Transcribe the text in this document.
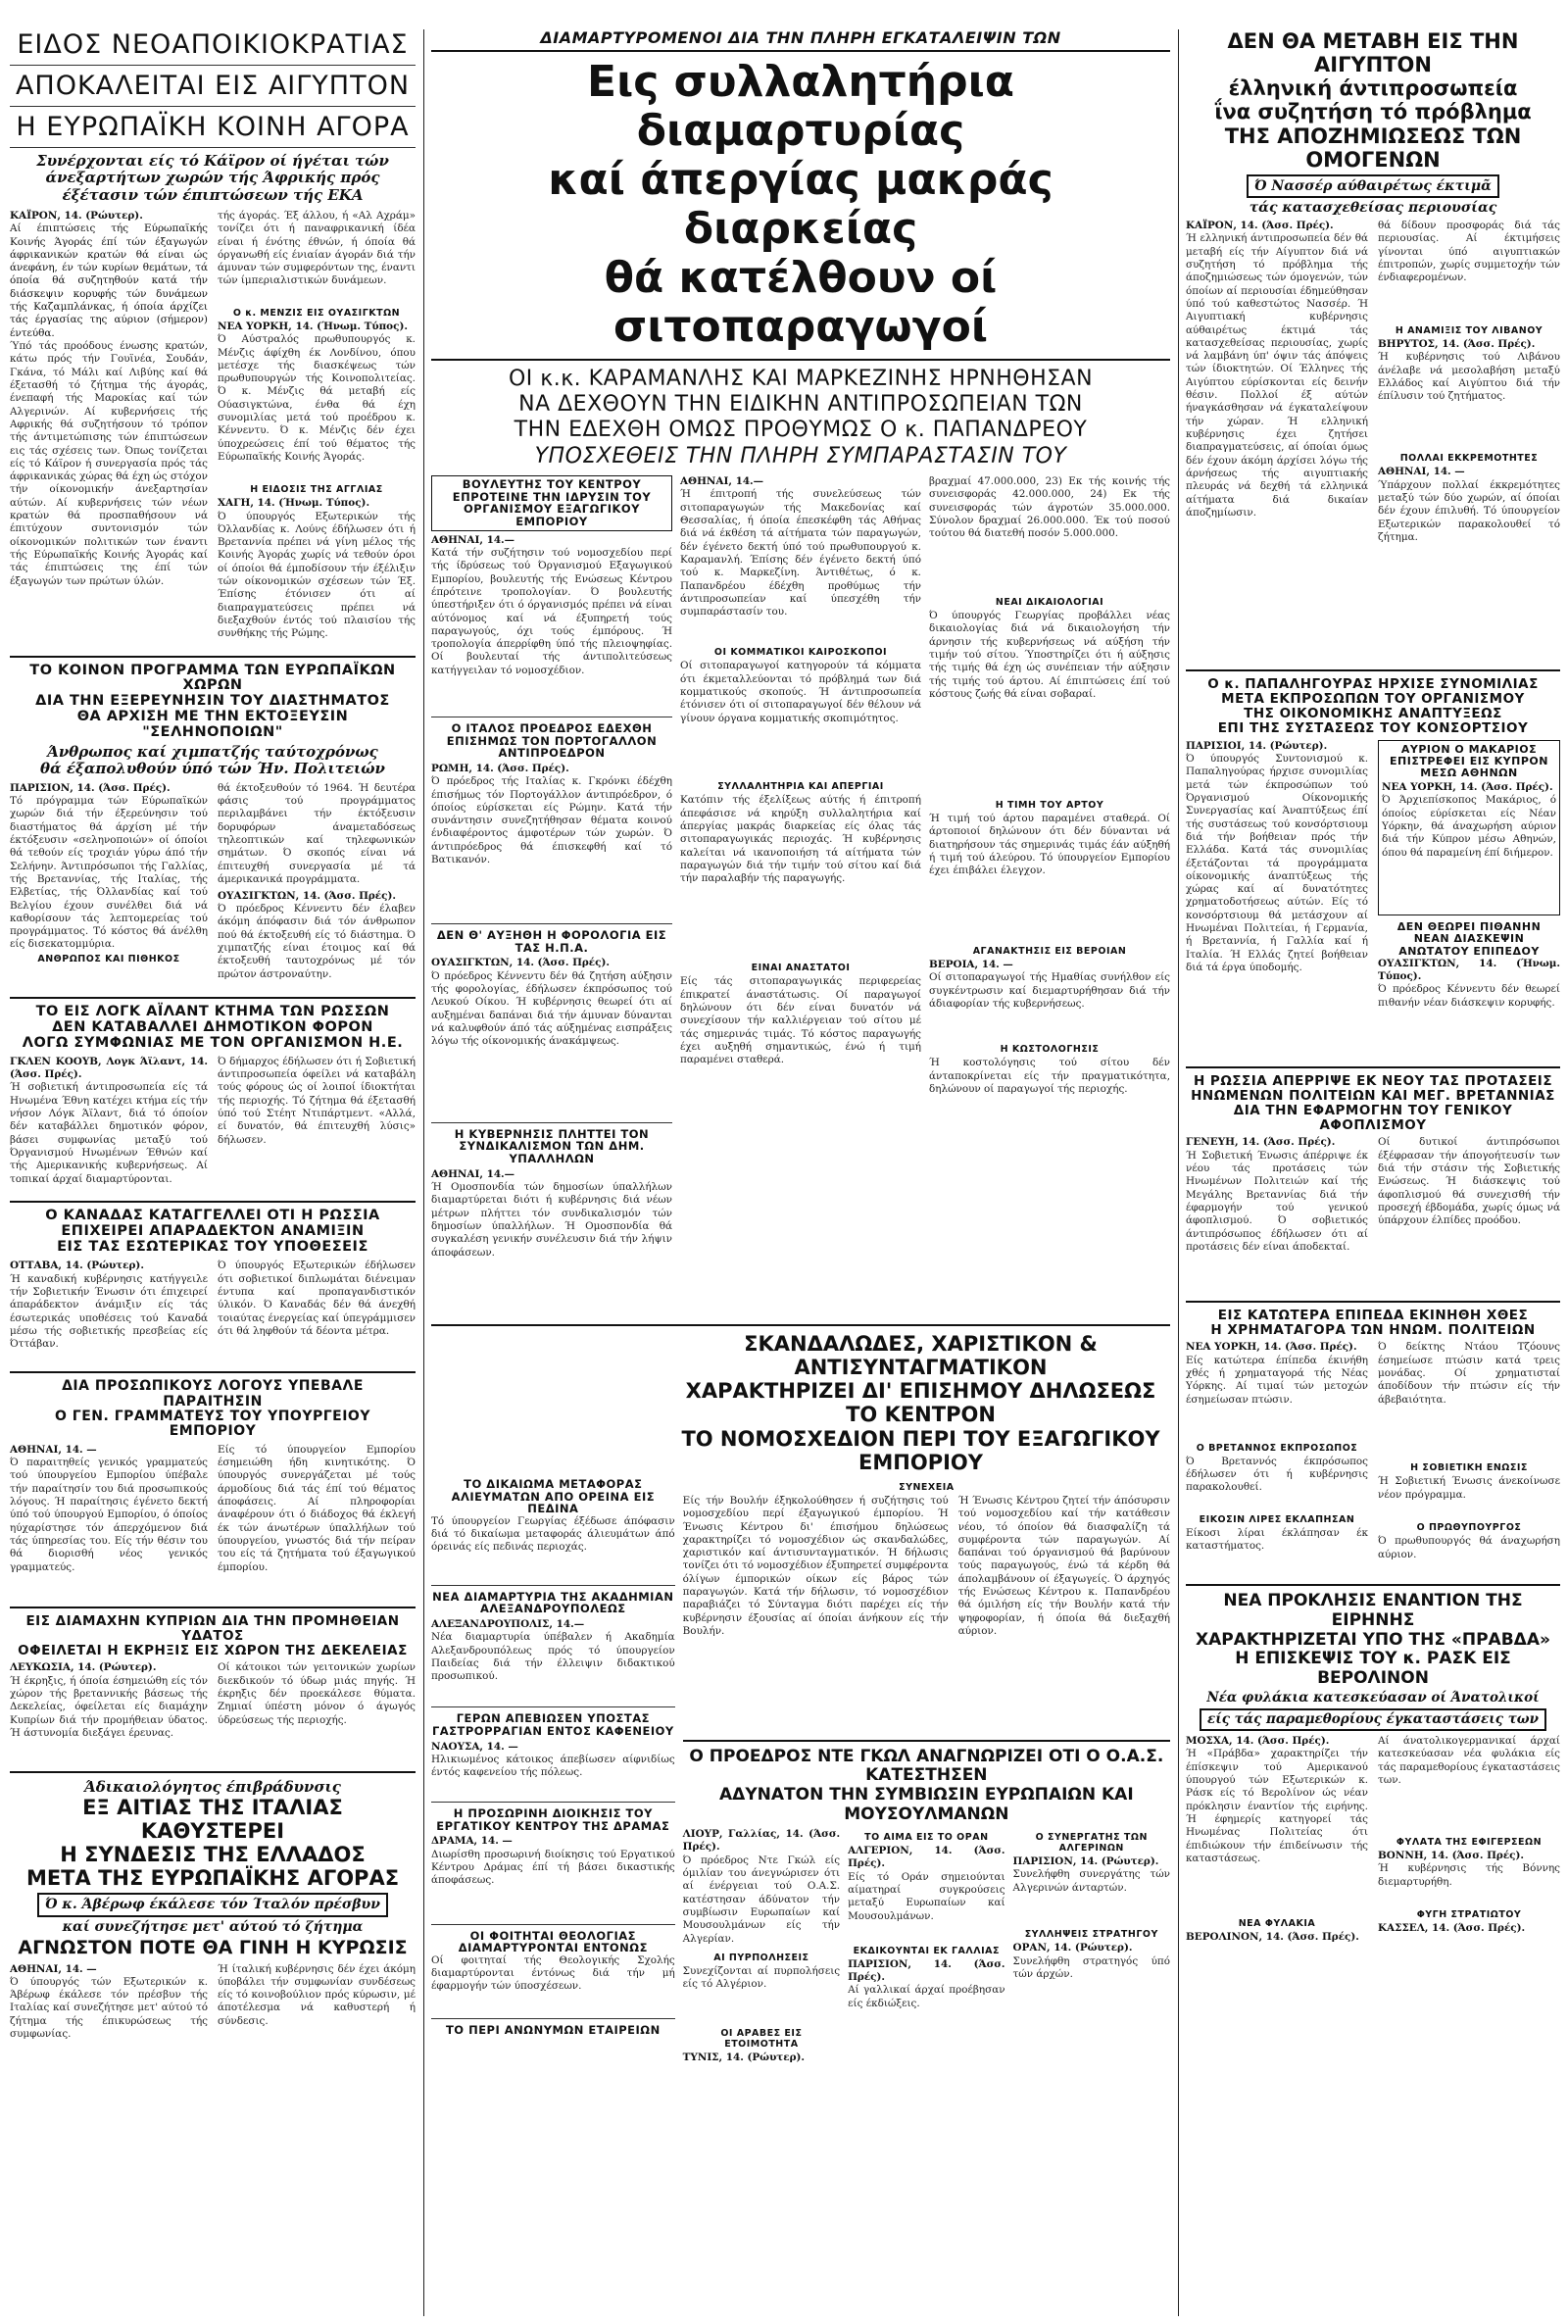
ΕΙΔΟΣ ΝΕΟΑΠΟΙΚΙΟΚΡΑΤΙΑΣ
ΑΠΟΚΑΛΕΙΤΑΙ ΕΙΣ ΑΙΓΥΠΤΟΝ
Η ΕΥΡΩΠΑΪΚΗ ΚΟΙΝΗ ΑΓΟΡΑ
Συνέρχονται είς τό Κάϊρον οί ήγέται τών άνεξαρτήτων χωρών τής Άφρικής πρός έξέτασιν τών έπιπτώσεων τής ΕΚΑ

ΚΑΪΡΟΝ, 14. (Ρώυτερ).

Αί έπιπτώσεις τής Εύρωπαϊκής Κοινής Άγοράς έπί τών έξαγωγών άφρικανικών κρατών θά είναι ώς άνεφάνη, έν τών κυρίων θεμάτων, τά όποία θά συζητηθούν κατά τήν διάσκεψιν κορυφής τών δυνάμεων τής Καζαμπλάνκας, ή όποία άρχίζει τάς έργασίας της αύριον (σήμερον) έντεύθα.

Ύπό τάς προόδους ένωσης κρατών, κάτω πρός τήν Γουϊνέα, Σουδάν, Γκάνα, τό Μάλι καί Λιβύης καί θά έξετασθή τό ζήτημα τής άγοράς, ένεπαφή τής Μαροκίας καί τών Αλγερινών. Αί κυβερνήσεις τής Αφρικής θά συζητήσουν τό τρόπον τής άντιμετώπισης τών έπιπτώσεων εις τάς σχέσεις των. Όπως τονίζεται είς τό Κάϊρον ή συνεργασία πρός τάς άφρικανικάς χώρας θά έχη ώς στόχον τήν οίκονομικήν άνεξαρτησίαν αύτών. Αί κυβερνήσεις τών νέων κρατών θά προσπαθήσουν νά έπιτύχουν συντονισμόν τών οίκονομικών πολιτικών των έναντι τής Εύρωπαϊκής Κοινής Άγοράς καί τάς έπιπτώσεις της έπί τών έξαγωγών των πρώτων ύλών.

τής άγοράς. Έξ άλλου, ή «Αλ Αχράμ» τονίζει ότι ή παναφρικανική ίδέα είναι ή ένότης έθνών, ή όποία θά όργανωθή είς ένιαίαν άγοράν διά τήν άμυναν τών συμφερόντων της, έναντι τών ίμπεριαλιστικών δυνάμεων.

Ο κ. ΜΕΝΖΙΣ ΕΙΣ ΟΥΑΣΙΓΚΤΩΝ

ΝΕΑ ΥΟΡΚΗ, 14. (Ήνωμ. Τύπος).

Ό Αύστραλός πρωθυπουργός κ. Μένζις άφίχθη έκ Λονδίνου, όπου μετέσχε τής διασκέψεως τών πρωθυπουργών τής Κοινοπολιτείας. Ό κ. Μένζις θά μεταβή είς Ούασιγκτώνα, ένθα θά έχη συνομιλίας μετά τού προέδρου κ. Κέννεντυ. Ό κ. Μένζις δέν έχει ύποχρεώσεις έπί τού θέματος τής Εύρωπαϊκής Κοινής Άγοράς.

Η ΕΙΔΟΣΙΣ ΤΗΣ ΑΓΓΛΙΑΣ

ΧΑΓΗ, 14. (Ήνωμ. Τύπος).

Ό ύπουργός Εξωτερικών τής Όλλανδίας κ. Λούνς έδήλωσεν ότι ή Βρεταννία πρέπει νά γίνη μέλος τής Κοινής Άγοράς χωρίς νά τεθούν όροι οί όποίοι θά έμποδίσουν τήν έξέλιξιν τών οίκονομικών σχέσεων τών Έξ. Έπίσης έτόνισεν ότι αί διαπραγματεύσεις πρέπει νά διεξαχθούν έντός τού πλαισίου τής συνθήκης τής Ρώμης.

ΤΟ ΚΟΙΝΟΝ ΠΡΟΓΡΑΜΜΑ ΤΩΝ ΕΥΡΩΠΑΪΚΩΝ ΧΩΡΩΝ
ΔΙΑ ΤΗΝ ΕΞΕΡΕΥΝΗΣΙΝ ΤΟΥ ΔΙΑΣΤΗΜΑΤΟΣ
ΘΑ ΑΡΧΙΣΗ ΜΕ ΤΗΝ ΕΚΤΟΞΕΥΣΙΝ "ΣΕΛΗΝΟΠΟΙΩΝ"
Άνθρωπος καί χιμπατζής ταύτοχρόνως
θά έξαπολυθούν ύπό τών Ήν. Πολιτειών

ΠΑΡΙΣΙΟΝ, 14. (Άσσ. Πρές).

Τό πρόγραμμα τών Εύρωπαϊκών χωρών διά τήν έξερεύνησιν τού διαστήματος θά άρχίση μέ τήν έκτόξευσιν «σεληνοποιών» οί όποίοι θά τεθούν είς τροχιάν γύρω άπό τήν Σελήνην. Άντιπρόσωποι τής Γαλλίας, τής Βρεταννίας, τής Ιταλίας, τής Ελβετίας, τής Όλλανδίας καί τού Βελγίου έχουν συνέλθει διά νά καθορίσουν τάς λεπτομερείας τού προγράμματος. Τό κόστος θά άνέλθη είς δισεκατομμύρια.

ΑΝΘΡΩΠΟΣ ΚΑΙ ΠΙΘΗΚΟΣ

θά έκτοξευθούν τό 1964. Ή δευτέρα φάσις τού προγράμματος περιλαμβάνει τήν έκτόξευσιν δορυφόρων άναμεταδόσεως τηλεοπτικών καί τηλεφωνικών σημάτων. Ό σκοπός είναι νά έπιτευχθή συνεργασία μέ τά άμερικανικά προγράμματα.

ΟΥΑΣΙΓΚΤΩΝ, 14. (Άσσ. Πρές).

Ό πρόεδρος Κέννεντυ δέν έλαβεν άκόμη άπόφασιν διά τόν άνθρωπον πού θά έκτοξευθή είς τό διάστημα. Ό χιμπατζής είναι έτοιμος καί θά έκτοξευθή ταυτοχρόνως μέ τόν πρώτον άστροναύτην.

ΤΟ ΕΙΣ ΛΟΓΚ ΑΪΛΑΝΤ ΚΤΗΜΑ ΤΩΝ ΡΩΣΣΩΝ
ΔΕΝ ΚΑΤΑΒΑΛΛΕΙ ΔΗΜΟΤΙΚΟΝ ΦΟΡΟΝ
ΛΟΓΩ ΣΥΜΦΩΝΙΑΣ ΜΕ ΤΟΝ ΟΡΓΑΝΙΣΜΟΝ Η.Ε.

ΓΚΛΕΝ ΚΟΟΥΒ, Λογκ Άϊλαντ, 14. (Άσσ. Πρές).

Ή σοβιετική άντιπροσωπεία είς τά Ηνωμένα Έθνη κατέχει κτήμα είς τήν νήσον Λόγκ Άϊλαντ, διά τό όποίον δέν καταβάλλει δημοτικόν φόρον, βάσει συμφωνίας μεταξύ τού Όργανισμού Ηνωμένων Έθνών καί τής Αμερικανικής κυβερνήσεως. Αί τοπικαί άρχαί διαμαρτύρονται.

Ό δήμαρχος έδήλωσεν ότι ή Σοβιετική άντιπροσωπεία όφείλει νά καταβάλη τούς φόρους ώς οί λοιποί ίδιοκτήται τής περιοχής. Τό ζήτημα θά έξετασθή ύπό τού Στέητ Ντιπάρτμεντ. «Αλλά, εί δυνατόν, θά έπιτευχθή λύσις» δήλωσεν.

Ο ΚΑΝΑΔΑΣ ΚΑΤΑΓΓΕΛΛΕΙ ΟΤΙ Η ΡΩΣΣΙΑ
ΕΠΙΧΕΙΡΕΙ ΑΠΑΡΑΔΕΚΤΟΝ ΑΝΑΜΙΞΙΝ
ΕΙΣ ΤΑΣ ΕΣΩΤΕΡΙΚΑΣ ΤΟΥ ΥΠΟΘΕΣΕΙΣ

ΟΤΤΑΒΑ, 14. (Ρώυτερ).

Ή καναδική κυβέρνησις κατήγγειλε τήν Σοβιετικήν Ένωσιν ότι έπιχειρεί άπαράδεκτον άνάμιξιν είς τάς έσωτερικάς υποθέσεις τού Καναδά μέσω τής σοβιετικής πρεσβείας είς Όττάβαν.

Ό ύπουργός Εξωτερικών έδήλωσεν ότι σοβιετικοί διπλωμάται διένειμαν έντυπα καί προπαγανδιστικόν ύλικόν. Ό Καναδάς δέν θά άνεχθή τοιαύτας ένεργείας καί ύπεγράμμισεν ότι θά ληφθούν τά δέοντα μέτρα.

ΔΙΑ ΠΡΟΣΩΠΙΚΟΥΣ ΛΟΓΟΥΣ ΥΠΕΒΑΛΕ ΠΑΡΑΙΤΗΣΙΝ
Ο ΓΕΝ. ΓΡΑΜΜΑΤΕΥΣ ΤΟΥ ΥΠΟΥΡΓΕΙΟΥ ΕΜΠΟΡΙΟΥ

ΑΘΗΝΑΙ, 14. —

Ό παραιτηθείς γενικός γραμματεύς τού ύπουργείου Εμπορίου ύπέβαλε τήν παραίτησίν του διά προσωπικούς λόγους. Ή παραίτησις έγένετο δεκτή ύπό τού ύπουργού Εμπορίου, ό όποίος ηύχαρίστησε τόν άπερχόμενον διά τάς ύπηρεσίας του. Είς τήν θέσιν του θά διορισθή νέος γενικός γραμματεύς.

Είς τό ύπουργείον Εμπορίου έσημειώθη ήδη κινητικότης. Ό ύπουργός συνεργάζεται μέ τούς άρμοδίους διά τάς έπί τού θέματος άποφάσεις. Αί πληροφορίαι άναφέρουν ότι ό διάδοχος θά έκλεγή έκ τών άνωτέρων ύπαλλήλων τού ύπουργείου, γνωστός διά τήν πείραν του είς τά ζητήματα τού έξαγωγικού έμπορίου.

ΕΙΣ ΔΙΑΜΑΧΗΝ ΚΥΠΡΙΩΝ ΔΙΑ ΤΗΝ ΠΡΟΜΗΘΕΙΑΝ ΥΔΑΤΟΣ
ΟΦΕΙΛΕΤΑΙ Η ΕΚΡΗΞΙΣ ΕΙΣ ΧΩΡΟΝ ΤΗΣ ΔΕΚΕΛΕΙΑΣ

ΛΕΥΚΩΣΙΑ, 14. (Ρώυτερ).

Ή έκρηξις, ή όποία έσημειώθη είς τόν χώρον τής βρεταννικής βάσεως τής Δεκελείας, όφείλεται είς διαμάχην Κυπρίων διά τήν προμήθειαν ύδατος. Ή άστυνομία διεξάγει έρευνας.

Οί κάτοικοι τών γειτονικών χωρίων διεκδικούν τό ύδωρ μιάς πηγής. Ή έκρηξις δέν προεκάλεσε θύματα. Ζημιαί ύπέστη μόνον ό άγωγός ύδρεύσεως τής περιοχής.

Άδικαιολόγητος έπιβράδυνσις
ΕΞ ΑΙΤΙΑΣ ΤΗΣ ΙΤΑΛΙΑΣ ΚΑΘΥΣΤΕΡΕΙ
Η ΣΥΝΔΕΣΙΣ ΤΗΣ ΕΛΛΑΔΟΣ
ΜΕΤΑ ΤΗΣ ΕΥΡΩΠΑΪΚΗΣ ΑΓΟΡΑΣ
Ό κ. Άβέρωφ έκάλεσε τόν Ίταλόν πρέσβυν
καί συνεζήτησε μετ' αύτού τό ζήτημα
ΑΓΝΩΣΤΟΝ ΠΟΤΕ ΘΑ ΓΙΝΗ Η ΚΥΡΩΣΙΣ

ΑΘΗΝΑΙ, 14. —

Ό ύπουργός τών Εξωτερικών κ. Άβέρωφ έκάλεσε τόν πρέσβυν τής Ιταλίας καί συνεζήτησε μετ' αύτού τό ζήτημα τής έπικυρώσεως τής συμφωνίας.

Ή ίταλική κυβέρνησις δέν έχει άκόμη ύποβάλει τήν συμφωνίαν συνδέσεως είς τό κοινοβούλιον πρός κύρωσιν, μέ άποτέλεσμα νά καθυστερή ή σύνδεσις.

ΔΙΑΜΑΡΤΥΡΟΜΕΝΟΙ ΔΙΑ ΤΗΝ ΠΛΗΡΗ ΕΓΚΑΤΑΛΕΙΨΙΝ ΤΩΝ
Εις συλλαλητήρια διαμαρτυρίας
καί άπεργίας μακράς διαρκείας
θά κατέλθουν οί σιτοπαραγωγοί
ΟΙ κ.κ. ΚΑΡΑΜΑΝΛΗΣ ΚΑΙ ΜΑΡΚΕΖΙΝΗΣ ΗΡΝΗΘΗΣΑΝ
ΝΑ ΔΕΧΘΟΥΝ ΤΗΝ ΕΙΔΙΚΗΝ ΑΝΤΙΠΡΟΣΩΠΕΙΑΝ ΤΩΝ
ΤΗΝ ΕΔΕΧΘΗ ΟΜΩΣ ΠΡΟΘΥΜΩΣ Ο κ. ΠΑΠΑΝΔΡΕΟΥ
ΥΠΟΣΧΕΘΕΙΣ ΤΗΝ ΠΛΗΡΗ ΣΥΜΠΑΡΑΣΤΑΣΙΝ ΤΟΥ
ΒΟΥΛΕΥΤΗΣ ΤΟΥ ΚΕΝΤΡΟΥ ΕΠΡΟΤΕΙΝΕ ΤΗΝ ΙΔΡΥΣΙΝ ΤΟΥ ΟΡΓΑΝΙΣΜΟΥ ΕΞΑΓΩΓΙΚΟΥ ΕΜΠΟΡΙΟΥ

ΑΘΗΝΑΙ, 14.—

Κατά τήν συζήτησιν τού νομοσχεδίου περί τής ίδρύσεως τού Όργανισμού Εξαγωγικού Εμπορίου, βουλευτής τής Ενώσεως Κέντρου έπρότεινε τροπολογίαν. Ό βουλευτής ύπεστήριξεν ότι ό όργανισμός πρέπει νά είναι αύτόνομος καί νά έξυπηρετή τούς παραγωγούς, όχι τούς έμπόρους. Ή τροπολογία άπερρίφθη ύπό τής πλειοψηφίας. Οί βουλευταί τής άντιπολιτεύσεως κατήγγειλαν τό νομοσχέδιον.

Ο ΙΤΑΛΟΣ ΠΡΟΕΔΡΟΣ ΕΔΕΧΘΗ ΕΠΙΣΗΜΩΣ ΤΟΝ ΠΟΡΤΟΓΑΛΛΟΝ ΑΝΤΙΠΡΟΕΔΡΟΝ

ΡΩΜΗ, 14. (Άσσ. Πρές).

Ό πρόεδρος τής Ιταλίας κ. Γκρόνκι έδέχθη έπισήμως τόν Πορτογάλλον άντιπρόεδρον, ό όποίος εύρίσκεται είς Ρώμην. Κατά τήν συνάντησιν συνεζητήθησαν θέματα κοινού ένδιαφέροντος άμφοτέρων τών χωρών. Ό άντιπρόεδρος θά έπισκεφθή καί τό Βατικανόν.

ΔΕΝ Θ' ΑΥΞΗΘΗ Η ΦΟΡΟΛΟΓΙΑ ΕΙΣ ΤΑΣ Η.Π.Α.

ΟΥΑΣΙΓΚΤΩΝ, 14. (Άσσ. Πρές).

Ό πρόεδρος Κέννεντυ δέν θά ζητήση αύξησιν τής φορολογίας, έδήλωσεν έκπρόσωπος τού Λευκού Οίκου. Ή κυβέρνησις θεωρεί ότι αί αυξημέναι δαπάναι διά τήν άμυναν δύνανται νά καλυφθούν άπό τάς αύξημένας εισπράξεις λόγω τής οίκονομικής άνακάμψεως.

Η ΚΥΒΕΡΝΗΣΙΣ ΠΛΗΤΤΕΙ ΤΟΝ ΣΥΝΔΙΚΑΛΙΣΜΟΝ ΤΩΝ ΔΗΜ. ΥΠΑΛΛΗΛΩΝ

ΑΘΗΝΑΙ, 14.—

Ή Ομοσπονδία τών δημοσίων ύπαλλήλων διαμαρτύρεται διότι ή κυβέρνησις διά νέων μέτρων πλήττει τόν συνδικαλισμόν τών δημοσίων ύπαλλήλων. Ή Ομοσπονδία θά συγκαλέση γενικήν συνέλευσιν διά τήν λήψιν άποφάσεων.

ΑΘΗΝΑΙ, 14.—

Ή έπιτροπή τής συνελεύσεως τών σιτοπαραγωγών τής Μακεδονίας καί Θεσσαλίας, ή όποία έπεσκέφθη τάς Αθήνας διά νά έκθέση τά αίτήματα τών παραγωγών, δέν έγένετο δεκτή ύπό τού πρωθυπουργού κ. Καραμανλή. Έπίσης δέν έγένετο δεκτή ύπό τού κ. Μαρκεζίνη. Άντιθέτως, ό κ. Παπανδρέου έδέχθη προθύμως τήν άντιπροσωπείαν καί ύπεσχέθη τήν συμπαράστασίν του.

ΟΙ ΚΟΜΜΑΤΙΚΟΙ ΚΑΙΡΟΣΚΟΠΟΙ

Οί σιτοπαραγωγοί κατηγορούν τά κόμματα ότι έκμεταλλεύονται τό πρόβλημά των διά κομματικούς σκοπούς. Ή άντιπροσωπεία έτόνισεν ότι οί σιτοπαραγωγοί δέν θέλουν νά γίνουν όργανα κομματικής σκοπιμότητος.

ΣΥΛΛΑΛΗΤΗΡΙΑ ΚΑΙ ΑΠΕΡΓΙΑΙ

Κατόπιν τής έξελίξεως αύτής ή έπιτροπή άπεφάσισε νά κηρύξη συλλαλητήρια καί άπεργίας μακράς διαρκείας είς όλας τάς σιτοπαραγωγικάς περιοχάς. Ή κυβέρνησις καλείται νά ικανοποιήση τά αίτήματα τών παραγωγών διά τήν τιμήν τού σίτου καί διά τήν παραλαβήν τής παραγωγής.

ΕΙΝΑΙ ΑΝΑΣΤΑΤΟΙ

Είς τάς σιτοπαραγωγικάς περιφερείας έπικρατεί άναστάτωσις. Οί παραγωγοί δηλώνουν ότι δέν είναι δυνατόν νά συνεχίσουν τήν καλλιέργειαν τού σίτου μέ τάς σημερινάς τιμάς. Τό κόστος παραγωγής έχει αυξηθή σημαντικώς, ένώ ή τιμή παραμένει σταθερά.

βραχμαί 47.000.000, 23) Εκ τής κοινής τής συνεισφοράς 42.000.000, 24) Εκ τής συνεισφοράς τών άγροτών 35.000.000. Σύνολον δραχμαί 26.000.000. Έκ τού ποσού τούτου θά διατεθή ποσόν 5.000.000.

ΝΕΑΙ ΔΙΚΑΙΟΛΟΓΙΑΙ

Ό ύπουργός Γεωργίας προβάλλει νέας δικαιολογίας διά νά δικαιολογήση τήν άρνησιν τής κυβερνήσεως νά αύξήση τήν τιμήν τού σίτου. Ύποστηρίζει ότι ή αύξησις τής τιμής θά έχη ώς συνέπειαν τήν αύξησιν τής τιμής τού άρτου. Αί έπιπτώσεις έπί τού κόστους ζωής θά είναι σοβαραί.

Η ΤΙΜΗ ΤΟΥ ΑΡΤΟΥ

Ή τιμή τού άρτου παραμένει σταθερά. Οί άρτοποιοί δηλώνουν ότι δέν δύνανται νά διατηρήσουν τάς σημερινάς τιμάς έάν αύξηθή ή τιμή τού άλεύρου. Τό ύπουργείον Εμπορίου έχει έπιβάλει έλεγχον.

ΑΓΑΝΑΚΤΗΣΙΣ ΕΙΣ ΒΕΡΟΙΑΝ

ΒΕΡΟΙΑ, 14. —

Οί σιτοπαραγωγοί τής Ημαθίας συνήλθον είς συγκέντρωσιν καί διεμαρτυρήθησαν διά τήν άδιαφορίαν τής κυβερνήσεως.

Η ΚΩΣΤΟΛΟΓΗΣΙΣ

Ή κοστολόγησις τού σίτου δέν άνταποκρίνεται είς τήν πραγματικότητα, δηλώνουν οί παραγωγοί τής περιοχής.

ΣΚΑΝΔΑΛΩΔΕΣ, ΧΑΡΙΣΤΙΚΟΝ & ΑΝΤΙΣΥΝΤΑΓΜΑΤΙΚΟΝ
ΧΑΡΑΚΤΗΡΙΖΕΙ ΔΙ' ΕΠΙΣΗΜΟΥ ΔΗΛΩΣΕΩΣ ΤΟ ΚΕΝΤΡΟΝ
ΤΟ ΝΟΜΟΣΧΕΔΙΟΝ ΠΕΡΙ ΤΟΥ ΕΞΑΓΩΓΙΚΟΥ ΕΜΠΟΡΙΟΥ
ΤΟ ΔΙΚΑΙΩΜΑ ΜΕΤΑΦΟΡΑΣ ΑΛΙΕΥΜΑΤΩΝ ΑΠΟ ΟΡΕΙΝΑ ΕΙΣ ΠΕΔΙΝΑ

Τό ύπουργείον Γεωργίας έξέδωσε άπόφασιν διά τό δικαίωμα μεταφοράς άλιευμάτων άπό όρεινάς είς πεδινάς περιοχάς.

ΝΕΑ ΔΙΑΜΑΡΤΥΡΙΑ ΤΗΣ ΑΚΑΔΗΜΙΑΝ ΑΛΕΞΑΝΔΡΟΥΠΟΛΕΩΣ

ΑΛΕΞΑΝΔΡΟΥΠΟΛΙΣ, 14.—

Νέα διαμαρτυρία ύπέβαλεν ή Ακαδημία Αλεξανδρουπόλεως πρός τό ύπουργείον Παιδείας διά τήν έλλειψιν διδακτικού προσωπικού.

ΓΕΡΩΝ ΑΠΕΒΙΩΣΕΝ ΥΠΟΣΤΑΣ ΓΑΣΤΡΟΡΡΑΓΙΑΝ ΕΝΤΟΣ ΚΑΦΕΝΕΙΟΥ

ΝΑΟΥΣΑ, 14. —

Ηλικιωμένος κάτοικος άπεβίωσεν αίφνιδίως έντός καφενείου τής πόλεως.

Η ΠΡΟΣΩΡΙΝΗ ΔΙΟΙΚΗΣΙΣ ΤΟΥ ΕΡΓΑΤΙΚΟΥ ΚΕΝΤΡΟΥ ΤΗΣ ΔΡΑΜΑΣ

ΔΡΑΜΑ, 14. —

Διωρίσθη προσωρινή διοίκησις τού Εργατικού Κέντρου Δράμας έπί τή βάσει δικαστικής άποφάσεως.

ΟΙ ΦΟΙΤΗΤΑΙ ΘΕΟΛΟΓΙΑΣ ΔΙΑΜΑΡΤΥΡΟΝΤΑΙ ΕΝΤΟΝΩΣ

Οί φοιτηταί τής Θεολογικής Σχολής διαμαρτύρονται έντόνως διά τήν μή έφαρμογήν τών ύποσχέσεων.

ΤΟ ΠΕΡΙ ΑΝΩΝΥΜΩΝ ΕΤΑΙΡΕΙΩΝ
ΣΥΝΕΧΕΙΑ

Είς τήν Βουλήν έξηκολούθησεν ή συζήτησις τού νομοσχεδίου περί έξαγωγικού έμπορίου. Ή Ένωσις Κέντρου δι' έπισήμου δηλώσεως χαρακτηρίζει τό νομοσχέδιον ώς σκανδαλώδες, χαριστικόν καί άντισυνταγματικόν. Ή δήλωσις τονίζει ότι τό νομοσχέδιον έξυπηρετεί συμφέροντα όλίγων έμπορικών οίκων είς βάρος τών παραγωγών. Κατά τήν δήλωσιν, τό νομοσχέδιον παραβιάζει τό Σύνταγμα διότι παρέχει είς τήν κυβέρνησιν έξουσίας αί όποίαι άνήκουν είς τήν Βουλήν.

Ή Ένωσις Κέντρου ζητεί τήν άπόσυρσιν τού νομοσχεδίου καί τήν κατάθεσιν νέου, τό όποίον θά διασφαλίζη τά συμφέροντα τών παραγωγών. Αί δαπάναι τού όργανισμού θά βαρύνουν τούς παραγωγούς, ένώ τά κέρδη θά άπολαμβάνουν οί έξαγωγείς. Ό άρχηγός τής Ενώσεως Κέντρου κ. Παπανδρέου θά όμιλήση είς τήν Βουλήν κατά τήν ψηφοφορίαν, ή όποία θά διεξαχθή αύριον.

Ο ΠΡΟΕΔΡΟΣ ΝΤΕ ΓΚΩΛ ΑΝΑΓΝΩΡΙΖΕΙ ΟΤΙ Ο Ο.Α.Σ. ΚΑΤΕΣΤΗΣΕΝ
ΑΔΥΝΑΤΟΝ ΤΗΝ ΣΥΜΒΙΩΣΙΝ ΕΥΡΩΠΑΙΩΝ ΚΑΙ ΜΟΥΣΟΥΛΜΑΝΩΝ

ΛΙΟΥΡ, Γαλλίας, 14. (Άσσ. Πρές).

Ό πρόεδρος Ντε Γκώλ είς όμιλίαν του άνεγνώρισεν ότι αί ένέργειαι τού Ο.Α.Σ. κατέστησαν άδύνατον τήν συμβίωσιν Ευρωπαίων καί Μουσουλμάνων είς τήν Αλγερίαν.

ΑΙ ΠΥΡΠΟΛΗΣΕΙΣ

Συνεχίζονται αί πυρπολήσεις είς τό Αλγέριον.

ΟΙ ΑΡΑΒΕΣ ΕΙΣ ΕΤΟΙΜΟΤΗΤΑ

ΤΥΝΙΣ, 14. (Ρώυτερ).

ΤΟ ΑΙΜΑ ΕΙΣ ΤΟ ΟΡΑΝ

ΑΛΓΕΡΙΟΝ, 14. (Άσσ. Πρές).

Είς τό Οράν σημειούνται αίματηραί συγκρούσεις μεταξύ Ευρωπαίων καί Μουσουλμάνων.

ΕΚΔΙΚΟΥΝΤΑΙ ΕΚ ΓΑΛΛΙΑΣ

ΠΑΡΙΣΙΟΝ, 14. (Άσσ. Πρές).

Αί γαλλικαί άρχαί προέβησαν είς έκδιώξεις.

Ο ΣΥΝΕΡΓΑΤΗΣ ΤΩΝ ΑΛΓΕΡΙΝΩΝ

ΠΑΡΙΣΙΟΝ, 14. (Ρώυτερ).

Συνελήφθη συνεργάτης τών Αλγερινών άνταρτών.

ΣΥΛΛΗΨΕΙΣ ΣΤΡΑΤΗΓΟΥ

ΟΡΑΝ, 14. (Ρώυτερ).

Συνελήφθη στρατηγός ύπό τών άρχών.

ΔΕΝ ΘΑ ΜΕΤΑΒΗ ΕΙΣ ΤΗΝ ΑΙΓΥΠΤΟΝ
έλληνική άντιπροσωπεία
ΐνα συζητήση τό πρόβλημα
ΤΗΣ ΑΠΟΖΗΜΙΩΣΕΩΣ ΤΩΝ ΟΜΟΓΕΝΩΝ
Ό Νασσέρ αύθαιρέτως έκτιμᾶ
τάς κατασχεθείσας περιουσίας

ΚΑΪΡΟΝ, 14. (Άσσ. Πρές).

Ή ελληνική άντιπροσωπεία δέν θά μεταβή είς τήν Αίγυπτον διά νά συζητήση τό πρόβλημα τής άποζημιώσεως τών όμογενών, τών όποίων αί περιουσίαι έδημεύθησαν ύπό τού καθεστώτος Νασσέρ. Ή Αιγυπτιακή κυβέρνησις αύθαιρέτως έκτιμά τάς κατασχεθείσας περιουσίας, χωρίς νά λαμβάνη ύπ' όψιν τάς άπόψεις τών ίδιοκτητών. Οί Έλληνες τής Αιγύπτου εύρίσκονται είς δεινήν θέσιν. Πολλοί έξ αύτών ήναγκάσθησαν νά έγκαταλείψουν τήν χώραν. Ή ελληνική κυβέρνησις έχει ζητήσει διαπραγματεύσεις, αί όποίαι όμως δέν έχουν άκόμη άρχίσει λόγω τής άρνήσεως τής αιγυπτιακής πλευράς νά δεχθή τά ελληνικά αίτήματα διά δικαίαν άποζημίωσιν.

θά δίδουν προσφοράς διά τάς περιουσίας. Αί έκτιμήσεις γίνονται ύπό αιγυπτιακών έπιτροπών, χωρίς συμμετοχήν τών ένδιαφερομένων.

Η ΑΝΑΜΙΞΙΣ ΤΟΥ ΛΙΒΑΝΟΥ

ΒΗΡΥΤΟΣ, 14. (Άσσ. Πρές).

Ή κυβέρνησις τού Λιβάνου άνέλαβε νά μεσολαβήση μεταξύ Ελλάδος καί Αιγύπτου διά τήν έπίλυσιν τού ζητήματος.

ΠΟΛΛΑΙ ΕΚΚΡΕΜΟΤΗΤΕΣ

ΑΘΗΝΑΙ, 14. —

Ύπάρχουν πολλαί έκκρεμότητες μεταξύ τών δύο χωρών, αί όποίαι δέν έχουν έπιλυθή. Τό ύπουργείον Εξωτερικών παρακολουθεί τό ζήτημα.

Ο κ. ΠΑΠΑΛΗΓΟΥΡΑΣ ΗΡΧΙΣΕ ΣΥΝΟΜΙΛΙΑΣ
ΜΕΤΑ ΕΚΠΡΟΣΩΠΩΝ ΤΟΥ ΟΡΓΑΝΙΣΜΟΥ
ΤΗΣ ΟΙΚΟΝΟΜΙΚΗΣ ΑΝΑΠΤΥΞΕΩΣ
ΕΠΙ ΤΗΣ ΣΥΣΤΑΣΕΩΣ ΤΟΥ ΚΟΝΣΟΡΤΣΙΟΥ

ΠΑΡΙΣΙΟΙ, 14. (Ρώυτερ).

Ό ύπουργός Συντονισμού κ. Παπαληγούρας ήρχισε συνομιλίας μετά τών έκπροσώπων τού Όργανισμού Οίκονομικής Συνεργασίας καί Άναπτύξεως έπί τής συστάσεως τού κονσόρτσιουμ διά τήν βοήθειαν πρός τήν Ελλάδα. Κατά τάς συνομιλίας έξετάζονται τά προγράμματα οίκονομικής άναπτύξεως τής χώρας καί αί δυνατότητες χρηματοδοτήσεως αύτών. Είς τό κονσόρτσιουμ θά μετάσχουν αί Ηνωμέναι Πολιτείαι, ή Γερμανία, ή Βρεταννία, ή Γαλλία καί ή Ιταλία. Ή Ελλάς ζητεί βοήθειαν διά τά έργα ύποδομής.

ΑΥΡΙΟΝ Ο ΜΑΚΑΡΙΟΣ
ΕΠΙΣΤΡΕΦΕΙ ΕΙΣ ΚΥΠΡΟΝ
ΜΕΣΩ ΑΘΗΝΩΝ

ΝΕΑ ΥΟΡΚΗ, 14. (Άσσ. Πρές).

Ό Άρχιεπίσκοπος Μακάριος, ό όποίος εύρίσκεται είς Νέαν Υόρκην, θά άναχωρήση αύριον διά τήν Κύπρον μέσω Αθηνών, όπου θά παραμείνη έπί διήμερον.

ΔΕΝ ΘΕΩΡΕΙ ΠΙΘΑΝΗΝ ΝΕΑΝ ΔΙΑΣΚΕΨΙΝ ΑΝΩΤΑΤΟΥ ΕΠΙΠΕΔΟΥ

ΟΥΑΣΙΓΚΤΩΝ, 14. (Ήνωμ. Τύπος).

Ό πρόεδρος Κέννεντυ δέν θεωρεί πιθανήν νέαν διάσκεψιν κορυφής.

Η ΡΩΣΣΙΑ ΑΠΕΡΡΙΨΕ ΕΚ ΝΕΟΥ ΤΑΣ ΠΡΟΤΑΣΕΙΣ
ΗΝΩΜΕΝΩΝ ΠΟΛΙΤΕΙΩΝ ΚΑΙ ΜΕΓ. ΒΡΕΤΑΝΝΙΑΣ
ΔΙΑ ΤΗΝ ΕΦΑΡΜΟΓΗΝ ΤΟΥ ΓΕΝΙΚΟΥ ΑΦΟΠΛΙΣΜΟΥ

ΓΕΝΕΥΗ, 14. (Άσσ. Πρές).

Ή Σοβιετική Ένωσις άπέρριψε έκ νέου τάς προτάσεις τών Ηνωμένων Πολιτειών καί τής Μεγάλης Βρεταννίας διά τήν έφαρμογήν τού γενικού άφοπλισμού. Ό σοβιετικός άντιπρόσωπος έδήλωσεν ότι αί προτάσεις δέν είναι άποδεκταί.

Οί δυτικοί άντιπρόσωποι έξέφρασαν τήν άπογοήτευσίν των διά τήν στάσιν τής Σοβιετικής Ενώσεως. Ή διάσκεψις τού άφοπλισμού θά συνεχισθή τήν προσεχή έβδομάδα, χωρίς όμως νά ύπάρχουν έλπίδες προόδου.

ΕΙΣ ΚΑΤΩΤΕΡΑ ΕΠΙΠΕΔΑ ΕΚΙΝΗΘΗ ΧΘΕΣ
Η ΧΡΗΜΑΤΑΓΟΡΑ ΤΩΝ ΗΝΩΜ. ΠΟΛΙΤΕΙΩΝ

ΝΕΑ ΥΟΡΚΗ, 14. (Άσσ. Πρές).

Είς κατώτερα έπίπεδα έκινήθη χθές ή χρηματαγορά τής Νέας Υόρκης. Αί τιμαί τών μετοχών έσημείωσαν πτώσιν.

Ο ΒΡΕΤΑΝΝΟΣ ΕΚΠΡΟΣΩΠΟΣ

Ό Βρεταννός έκπρόσωπος έδήλωσεν ότι ή κυβέρνησις παρακολουθεί.

ΕΙΚΟΣΙΝ ΛΙΡΕΣ ΕΚΛΑΠΗΣΑΝ

Είκοσι λίραι έκλάπησαν έκ καταστήματος.

Ό δείκτης Ντάου Τζόουνς έσημείωσε πτώσιν κατά τρεις μονάδας. Οί χρηματισταί άποδίδουν τήν πτώσιν είς τήν άβεβαιότητα.

Η ΣΟΒΙΕΤΙΚΗ ΕΝΩΣΙΣ

Ή Σοβιετική Ένωσις άνεκοίνωσε νέον πρόγραμμα.

Ο ΠΡΩΘΥΠΟΥΡΓΟΣ

Ό πρωθυπουργός θά άναχωρήση αύριον.

ΝΕΑ ΠΡΟΚΛΗΣΙΣ ΕΝΑΝΤΙΟΝ ΤΗΣ ΕΙΡΗΝΗΣ
ΧΑΡΑΚΤΗΡΙΖΕΤΑΙ ΥΠΟ ΤΗΣ «ΠΡΑΒΔΑ»
Η ΕΠΙΣΚΕΨΙΣ ΤΟΥ κ. ΡΑΣΚ ΕΙΣ ΒΕΡΟΛΙΝΟΝ
Νέα φυλάκια κατεσκεύασαν οί Άνατολικοί
είς τάς παραμεθορίους έγκαταστάσεις των

ΜΟΣΧΑ, 14. (Άσσ. Πρές).

Ή «Πράβδα» χαρακτηρίζει τήν έπίσκεψιν τού Αμερικανού ύπουργού τών Εξωτερικών κ. Ράσκ είς τό Βερολίνον ώς νέαν πρόκλησιν έναντίον τής ειρήνης. Ή έφημερίς κατηγορεί τάς Ηνωμένας Πολιτείας ότι έπιδιώκουν τήν έπιδείνωσιν τής καταστάσεως.

ΝΕΑ ΦΥΛΑΚΙΑ

ΒΕΡΟΛΙΝΟΝ, 14. (Άσσ. Πρές).

Αί άνατολικογερμανικαί άρχαί κατεσκεύασαν νέα φυλάκια είς τάς παραμεθορίους έγκαταστάσεις των.

ΦΥΛΑΤΑ ΤΗΣ ΕΦΙΓΕΡΣΕΩΝ

ΒΟΝΝΗ, 14. (Άσσ. Πρές).

Ή κυβέρνησις τής Βόννης διεμαρτυρήθη.

ΦΥΓΗ ΣΤΡΑΤΙΩΤΟΥ

ΚΑΣΣΕΛ, 14. (Άσσ. Πρές).
